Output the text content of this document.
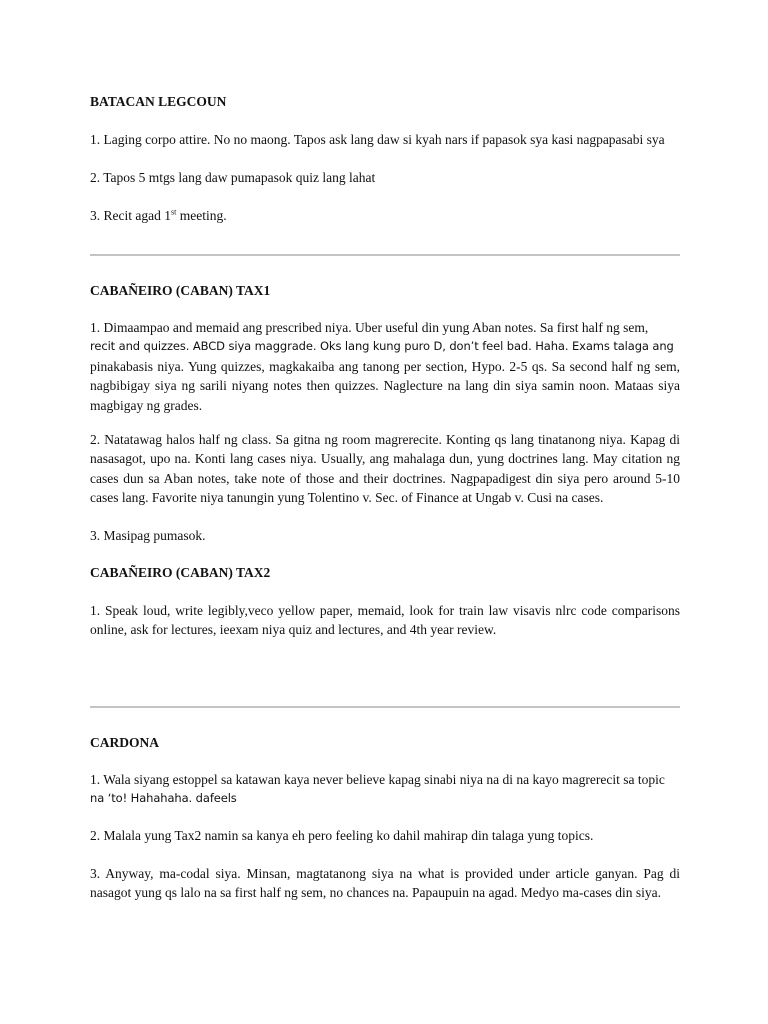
BATACAN LEGCOUN
1. Laging corpo attire. No no maong. Tapos ask lang daw si kyah nars if papasok sya kasi nagpapasabi sya
2. Tapos 5 mtgs lang daw pumapasok quiz lang lahat
3. Recit agad 1st meeting.
CABAÑEIRO (CABAN) TAX1
1. Dimaampao and memaid ang prescribed niya. Uber useful din yung Aban notes. Sa first half ng sem,
recit and quizzes. ABCD siya maggrade. Oks lang kung puro D, don’t feel bad. Haha. Exams talaga ang
pinakabasis niya. Yung quizzes, magkakaiba ang tanong per section, Hypo. 2-5 qs. Sa second half ng sem, nagbibigay siya ng sarili niyang notes then quizzes. Naglecture na lang din siya samin noon. Mataas siya magbigay ng grades.
2. Natatawag halos half ng class. Sa gitna ng room magrerecite. Konting qs lang tinatanong niya. Kapag di nasasagot, upo na. Konti lang cases niya. Usually, ang mahalaga dun, yung doctrines lang. May citation ng cases dun sa Aban notes, take note of those and their doctrines. Nagpapadigest din siya pero around 5-10 cases lang. Favorite niya tanungin yung Tolentino v. Sec. of Finance at Ungab v. Cusi na cases.
3. Masipag pumasok.
CABAÑEIRO (CABAN) TAX2
1. Speak loud, write legibly,veco yellow paper, memaid, look for train law visavis nlrc code comparisons online, ask for lectures, ieexam niya quiz and lectures, and 4th year review.
CARDONA
1. Wala siyang estoppel sa katawan kaya never believe kapag sinabi niya na di na kayo magrerecit sa topic
na ‘to! Hahahaha. dafeels
2. Malala yung Tax2 namin sa kanya eh pero feeling ko dahil mahirap din talaga yung topics.
3. Anyway, ma-codal siya. Minsan, magtatanong siya na what is provided under article ganyan. Pag di nasagot yung qs lalo na sa first half ng sem, no chances na. Papaupuin na agad. Medyo ma-cases din siya.
